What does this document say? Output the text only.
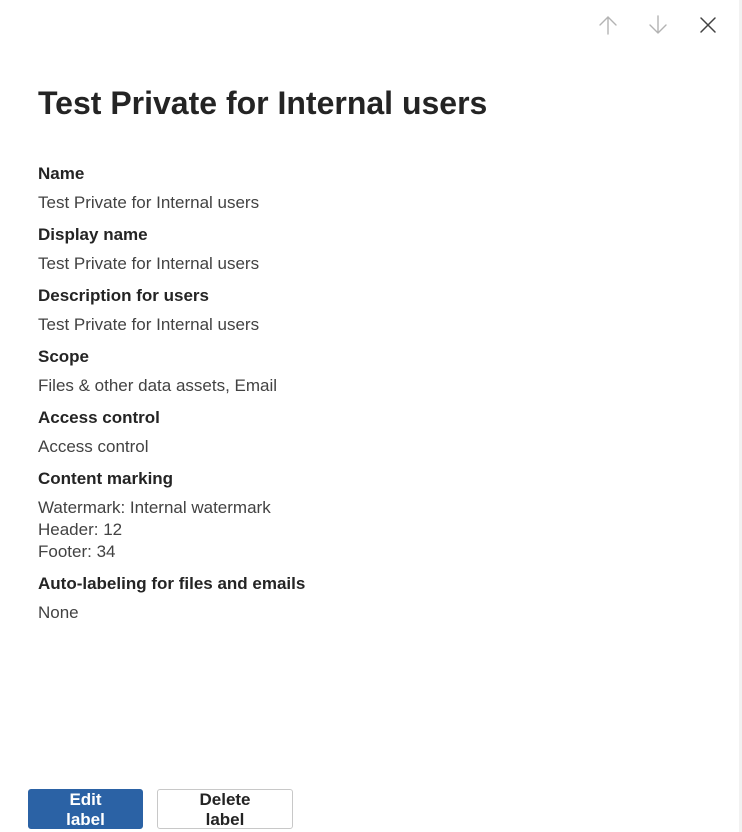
Test Private for Internal users
Name
Test Private for Internal users
Display name
Test Private for Internal users
Description for users
Test Private for Internal users
Scope
Files & other data assets, Email
Access control
Access control
Content marking
Watermark: Internal watermark
Header: 12
Footer: 34
Auto-labeling for files and emails
None
Edit label
Delete label
